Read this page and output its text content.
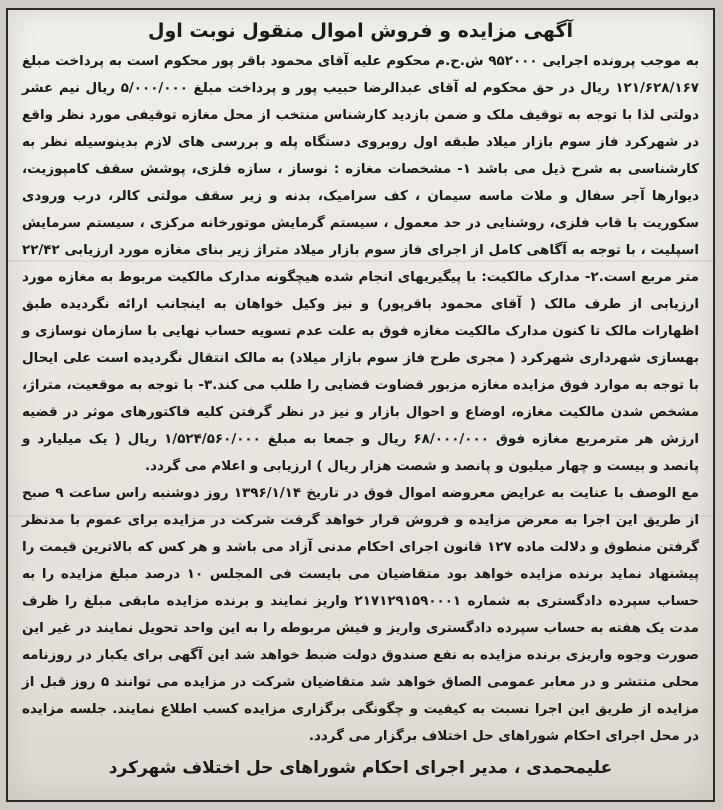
آگهی مزایده و فروش اموال منقول نوبت اول

به موجب پرونده اجرایی ۹۵۲۰۰۰ ش.ح.م محکوم علیه آقای محمود باقر پور محکوم است به پرداخت مبلغ ۱۲۱/۶۲۸/۱۶۷ ریال در حق محکوم له آقای عبدالرضا حبیب پور و پرداخت مبلغ ۵/۰۰۰/۰۰۰ ریال نیم عشر دولتی لذا با توجه به توقیف ملک و ضمن بازدید کارشناس منتخب از محل مغازه توقیفی مورد نظر واقع در شهرکرد فاز سوم بازار میلاد طبقه اول روبروی دستگاه پله و بررسی های لازم بدینوسیله نظر به کارشناسی به شرح ذیل می باشد ۱- مشخصات مغازه : نوساز ، سازه فلزی، پوشش سقف کامپوزیت، دیوارها آجر سفال و ملات ماسه سیمان ، کف سرامیک، بدنه و زیر سقف مولتی کالر، درب ورودی سکوریت با قاب فلزی، روشنایی در حد معمول ، سیستم گرمایش موتورخانه مرکزی ، سیستم سرمایش اسپلیت ، با توجه به آگاهی کامل از اجرای فاز سوم بازار میلاد متراژ زیر بنای مغازه مورد ارزیابی ۲۲/۴۲ متر مربع است.۲- مدارک مالکیت: با پیگیریهای انجام شده هیچگونه مدارک مالکیت مربوط به مغازه مورد ارزیابی از طرف مالک ( آقای محمود باقرپور) و نیز وکیل خواهان به اینجانب ارائه نگردیده طبق اظهارات مالک تا کنون مدارک مالکیت مغازه فوق به علت عدم تسویه حساب نهایی با سازمان نوسازی و بهسازی شهرداری شهرکرد ( مجری طرح فاز سوم بازار میلاد) به مالک انتقال نگردیده است علی ایحال با توجه به موارد فوق مزایده مغازه مزبور قضاوت قضایی را طلب می کند.۳- با توجه به موقعیت، متراژ، مشخص شدن مالکیت مغازه، اوضاع و احوال بازار و نیز در نظر گرفتن کلیه فاکتورهای موثر در قضیه ارزش هر مترمربع مغازه فوق ۶۸/۰۰۰/۰۰۰ ریال و جمعا به مبلغ ۱/۵۲۴/۵۶۰/۰۰۰ ریال ( یک میلیارد و پانصد و بیست و چهار میلیون و پانصد و شصت هزار ریال ) ارزیابی و اعلام می گردد.

مع الوصف با عنایت به عرایض معروضه اموال فوق در تاریخ ۱۳۹۶/۱/۱۴ روز دوشنبه راس ساعت ۹ صبح از طریق این اجرا به معرض مزایده و فروش قرار خواهد گرفت شرکت در مزایده برای عموم با مدنظر گرفتن منطوق و دلالت ماده ۱۲۷ قانون اجرای احکام مدنی آزاد می باشد و هر کس که بالاترین قیمت را پیشنهاد نماید برنده مزایده خواهد بود متقاضیان می بایست فی المجلس ۱۰ درصد مبلغ مزایده را به حساب سپرده دادگستری به شماره ۲۱۷۱۲۹۱۵۹۰۰۰۱ واریز نمایند و برنده مزایده مابقی مبلغ را ظرف مدت یک هفته به حساب سپرده دادگستری واریز و فیش مربوطه را به این واحد تحویل نمایند در غیر این صورت وجوه واریزی برنده مزایده به نفع صندوق دولت ضبط خواهد شد این آگهی برای یکبار در روزنامه محلی منتشر و در معابر عمومی الصاق خواهد شد متقاضیان شرکت در مزایده می توانند ۵ روز قبل از مزایده از طریق این اجرا نسبت به کیفیت و چگونگی برگزاری مزایده کسب اطلاع نمایند. جلسه مزایده در محل اجرای احکام شوراهای حل اختلاف برگزار می گردد.

علیمحمدی ، مدیر اجرای احکام شوراهای حل اختلاف شهرکرد
